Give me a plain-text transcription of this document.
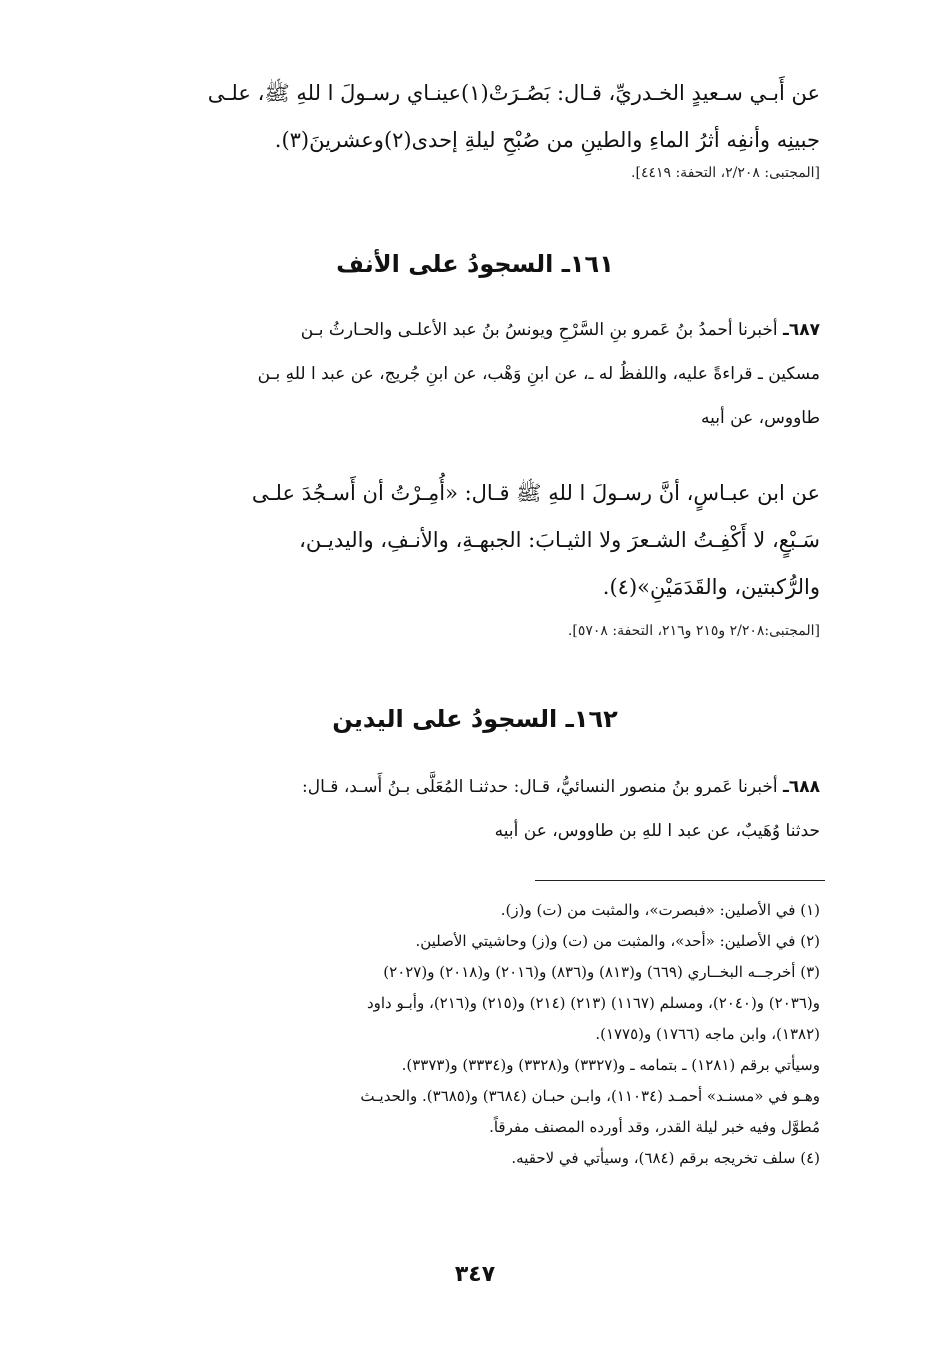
عن أَبـي سـعيدٍ الخـدريِّ، قـال: بَصُـرَتْ(١)عينـاي رسـولَ ا للهِ ﷺ، علـى
جبينِه وأنفِه أثرُ الماءِ والطينِ من صُبْحِ ليلةِ إحدى(٢)وعشرينَ(٣).
[المجتبى: ٢/٢٠٨، التحفة: ٤٤١٩].
١٦١ـ السجودُ على الأنف
٦٨٧ـ أخبرنا أحمدُ بنُ عَمرو بنِ السَّرْحِ ويونسُ بنُ عبد الأعلـى والحـارثُ بـن
مسكين ـ قراءةً عليه، واللفظُ له ـ، عن ابنِ وَهْب، عن ابنِ جُريج، عن عبد ا للهِ بـن
طاووس، عن أبيه
عن ابن عبـاسٍ، أنَّ رسـولَ ا للهِ ﷺ قـال: «أُمِـرْتُ أن أَسـجُدَ علـى
سَـبْعٍ، لا أَكْفِـتُ الشـعرَ ولا الثيـابَ: الجبهـةِ، والأنـفِ، واليديـن،
والرُّكبتين، والقَدَمَيْنِ»(٤).
[المجتبى:٢/٢٠٨ و٢١٥ و٢١٦، التحفة: ٥٧٠٨].
١٦٢ـ السجودُ على اليدين
٦٨٨ـ أخبرنا عَمرو بنُ منصور النسائيُّ، قـال: حدثنـا المُعَلَّى بـنُ أَسـد، قـال:
حدثنا وُهَيبٌ، عن عبد ا للهِ بن طاووس، عن أبيه
(١) في الأصلين: «فبصرت»، والمثبت من (ت) و(ز).
(٢) في الأصلين: «أحد»، والمثبت من (ت) و(ز) وحاشيتي الأصلين.
(٣) أخرجــه البخــاري (٦٦٩) و(٨١٣) و(٨٣٦) و(٢٠١٦) و(٢٠١٨) و(٢٠٢٧)
و(٢٠٣٦) و(٢٠٤٠)، ومسلم (١١٦٧) (٢١٣) (٢١٤) و(٢١٥) و(٢١٦)، وأبـو داود
(١٣٨٢)، وابن ماجه (١٧٦٦) و(١٧٧٥).
وسيأتي برقم (١٢٨١) ـ بتمامه ـ و(٣٣٢٧) و(٣٣٢٨) و(٣٣٣٤) و(٣٣٧٣).
وهـو في «مسنـد» أحمـد (١١٠٣٤)، وابـن حبـان (٣٦٨٤) و(٣٦٨٥). والحديـث
مُطوَّل وفيه خبر ليلة القدر، وقد أورده المصنف مفرقاً.
(٤) سلف تخريجه برقم (٦٨٤)، وسيأتي في لاحقيه.
٣٤٧
